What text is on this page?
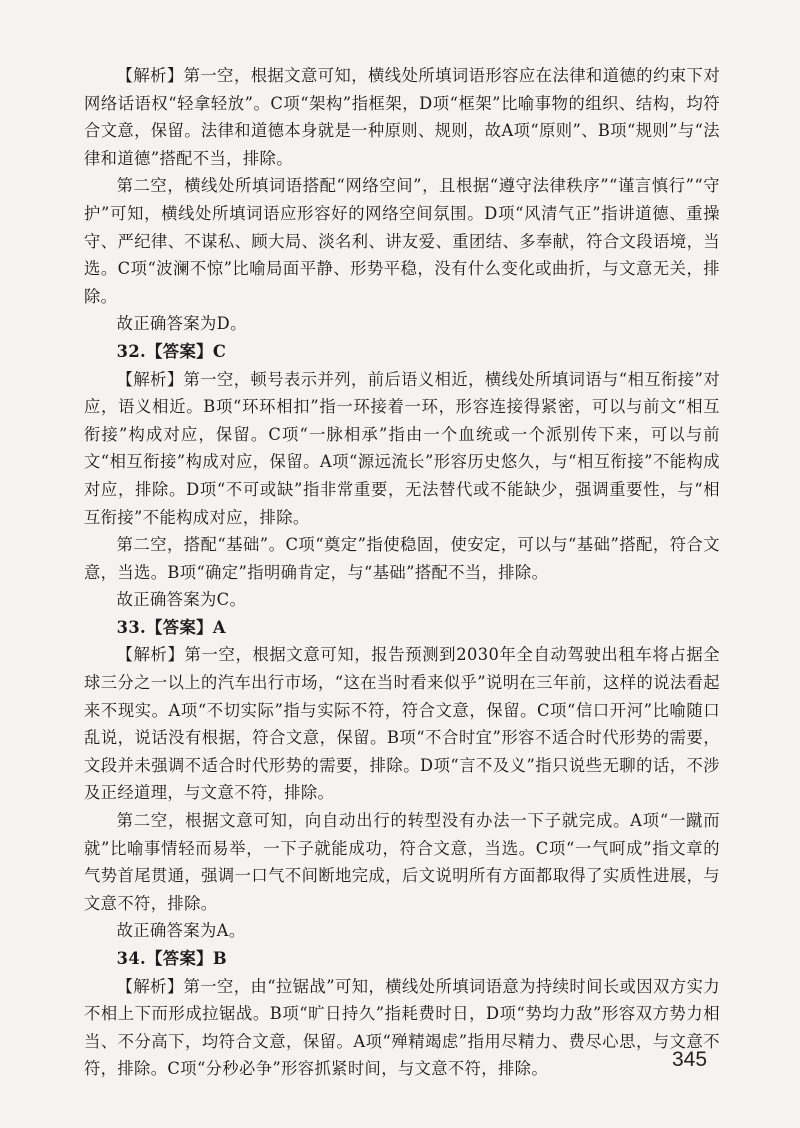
【解析】第一空，根据文意可知，横线处所填词语形容应在法律和道德的约束下对网络话语权“轻拿轻放”。C项“架构”指框架，D项“框架”比喻事物的组织、结构，均符合文意，保留。法律和道德本身就是一种原则、规则，故A项“原则”、B项“规则”与“法律和道德”搭配不当，排除。

第二空，横线处所填词语搭配“网络空间”，且根据“遵守法律秩序”“谨言慎行”“守护”可知，横线处所填词语应形容好的网络空间氛围。D项“风清气正”指讲道德、重操守、严纪律、不谋私、顾大局、淡名利、讲友爱、重团结、多奉献，符合文段语境，当选。C项“波澜不惊”比喻局面平静、形势平稳，没有什么变化或曲折，与文意无关，排除。

故正确答案为D。

32.【答案】C

【解析】第一空，顿号表示并列，前后语义相近，横线处所填词语与“相互衔接”对应，语义相近。B项“环环相扣”指一环接着一环，形容连接得紧密，可以与前文“相互衔接”构成对应，保留。C项“一脉相承”指由一个血统或一个派别传下来，可以与前文“相互衔接”构成对应，保留。A项“源远流长”形容历史悠久，与“相互衔接”不能构成对应，排除。D项“不可或缺”指非常重要，无法替代或不能缺少，强调重要性，与“相互衔接”不能构成对应，排除。

第二空，搭配“基础”。C项“奠定”指使稳固，使安定，可以与“基础”搭配，符合文意，当选。B项“确定”指明确肯定，与“基础”搭配不当，排除。

故正确答案为C。

33.【答案】A

【解析】第一空，根据文意可知，报告预测到2030年全自动驾驶出租车将占据全球三分之一以上的汽车出行市场，“这在当时看来似乎”说明在三年前，这样的说法看起来不现实。A项“不切实际”指与实际不符，符合文意，保留。C项“信口开河”比喻随口乱说，说话没有根据，符合文意，保留。B项“不合时宜”形容不适合时代形势的需要，文段并未强调不适合时代形势的需要，排除。D项“言不及义”指只说些无聊的话，不涉及正经道理，与文意不符，排除。

第二空，根据文意可知，向自动出行的转型没有办法一下子就完成。A项“一蹴而就”比喻事情轻而易举，一下子就能成功，符合文意，当选。C项“一气呵成”指文章的气势首尾贯通，强调一口气不间断地完成，后文说明所有方面都取得了实质性进展，与文意不符，排除。

故正确答案为A。

34.【答案】B

【解析】第一空，由“拉锯战”可知，横线处所填词语意为持续时间长或因双方实力不相上下而形成拉锯战。B项“旷日持久”指耗费时日，D项“势均力敌”形容双方势力相当、不分高下，均符合文意，保留。A项“殚精竭虑”指用尽精力、费尽心思，与文意不符，排除。C项“分秒必争”形容抓紧时间，与文意不符，排除。	345
